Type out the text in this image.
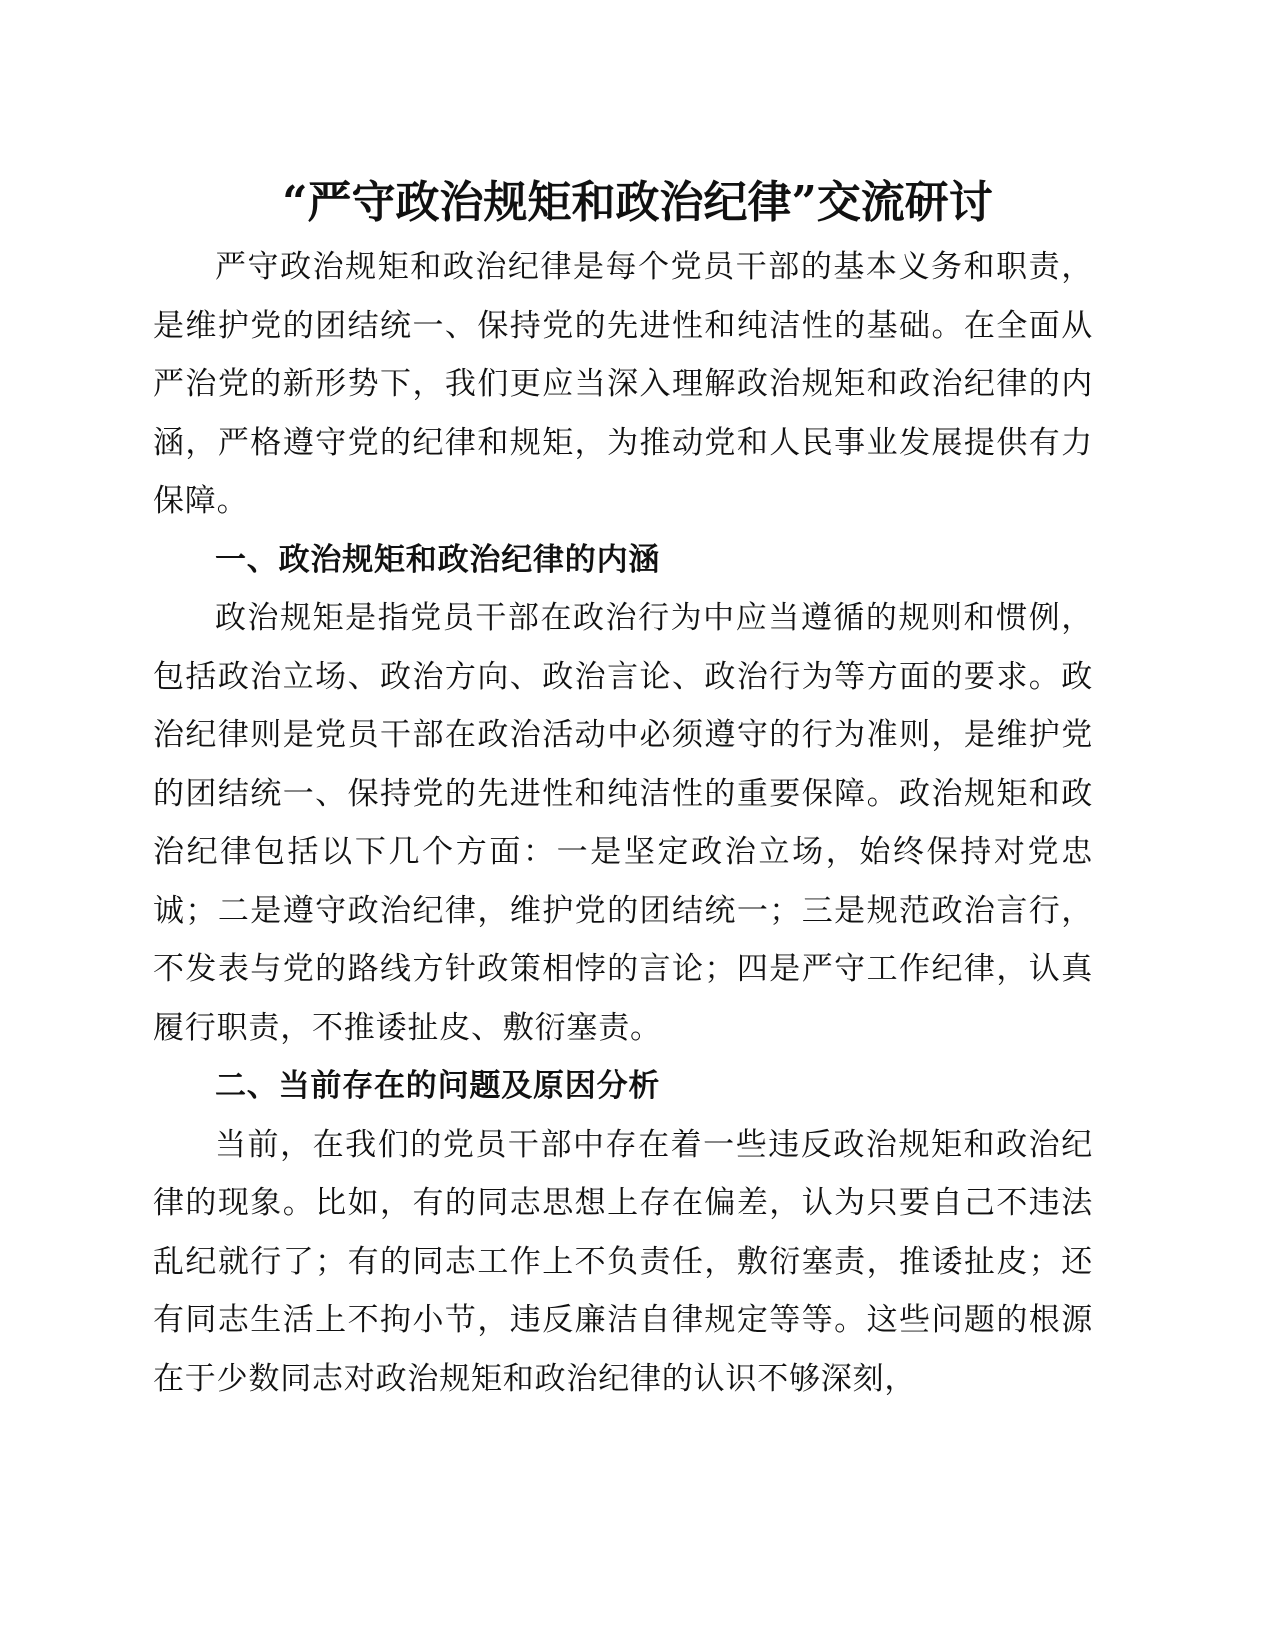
“严守政治规矩和政治纪律”交流研讨

严守政治规矩和政治纪律是每个党员干部的基本义务和职责，是维护党的团结统一、保持党的先进性和纯洁性的基础。在全面从严治党的新形势下，我们更应当深入理解政治规矩和政治纪律的内涵，严格遵守党的纪律和规矩，为推动党和人民事业发展提供有力保障。

一、政治规矩和政治纪律的内涵

政治规矩是指党员干部在政治行为中应当遵循的规则和惯例，包括政治立场、政治方向、政治言论、政治行为等方面的要求。政治纪律则是党员干部在政治活动中必须遵守的行为准则，是维护党的团结统一、保持党的先进性和纯洁性的重要保障。政治规矩和政治纪律包括以下几个方面：一是坚定政治立场，始终保持对党忠诚；二是遵守政治纪律，维护党的团结统一；三是规范政治言行，不发表与党的路线方针政策相悖的言论；四是严守工作纪律，认真履行职责，不推诿扯皮、敷衍塞责。

二、当前存在的问题及原因分析

当前，在我们的党员干部中存在着一些违反政治规矩和政治纪律的现象。比如，有的同志思想上存在偏差，认为只要自己不违法乱纪就行了；有的同志工作上不负责任，敷衍塞责，推诿扯皮；还有同志生活上不拘小节，违反廉洁自律规定等等。这些问题的根源在于少数同志对政治规矩和政治纪律的认识不够深刻，
